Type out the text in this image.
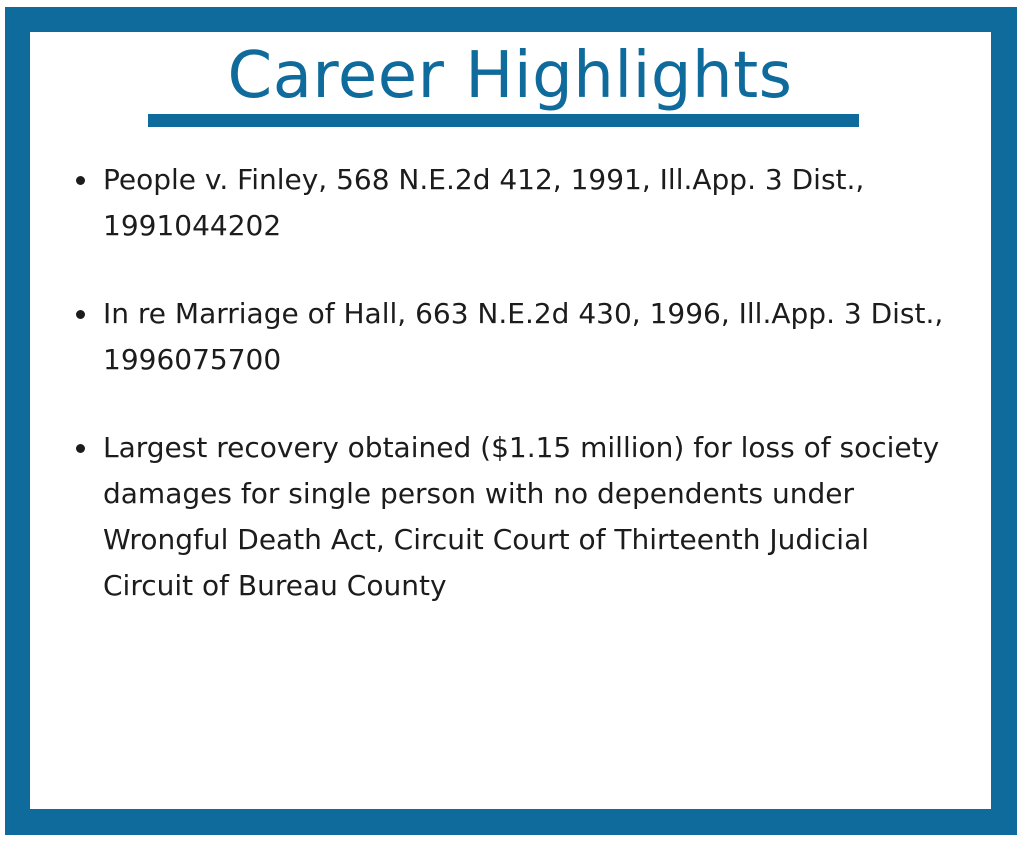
Career Highlights
People v. Finley, 568 N.E.2d 412, 1991, Ill.App. 3 Dist., 1991044202
In re Marriage of Hall, 663 N.E.2d 430, 1996, Ill.App. 3 Dist., 1996075700
Largest recovery obtained ($1.15 million) for loss of society damages for single person with no dependents under Wrongful Death Act, Circuit Court of Thirteenth Judicial Circuit of Bureau County
